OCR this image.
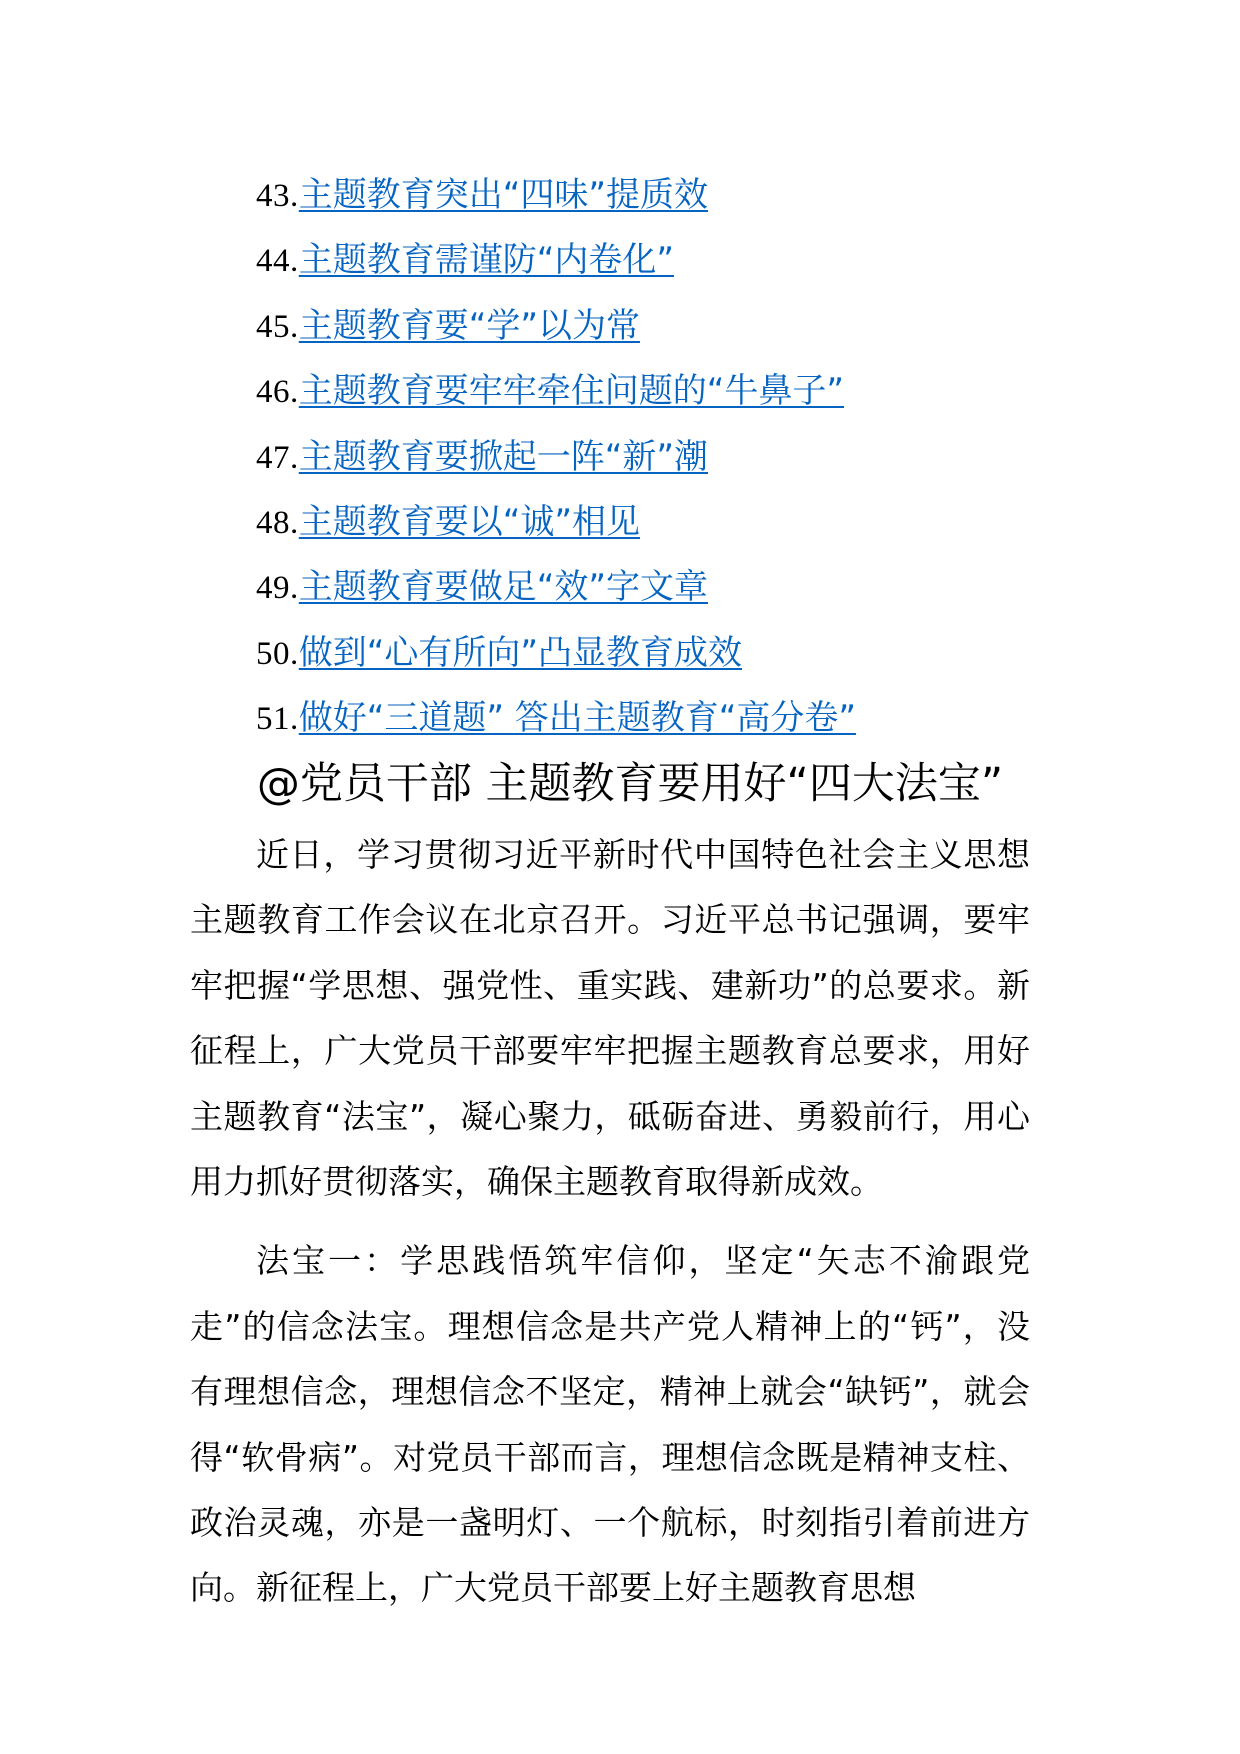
43.主题教育突出“四味”提质效
44.主题教育需谨防“内卷化”
45.主题教育要“学”以为常
46.主题教育要牢牢牵住问题的“牛鼻子”
47.主题教育要掀起一阵“新”潮
48.主题教育要以“诚”相见
49.主题教育要做足“效”字文章
50.做到“心有所向”凸显教育成效
51.做好“三道题” 答出主题教育“高分卷”
@党员干部 主题教育要用好“四大法宝”

近日，学习贯彻习近平新时代中国特色社会主义思想主题教育工作会议在北京召开。习近平总书记强调，要牢牢把握“学思想、强党性、重实践、建新功”的总要求。新征程上，广大党员干部要牢牢把握主题教育总要求，用好主题教育“法宝”，凝心聚力，砥砺奋进、勇毅前行，用心用力抓好贯彻落实，确保主题教育取得新成效。

法宝一：学思践悟筑牢信仰，坚定“矢志不渝跟党走”的信念法宝。理想信念是共产党人精神上的“钙”，没有理想信念，理想信念不坚定，精神上就会“缺钙”，就会得“软骨病”。对党员干部而言，理想信念既是精神支柱、政治灵魂，亦是一盏明灯、一个航标，时刻指引着前进方向。新征程上，广大党员干部要上好主题教育思想
